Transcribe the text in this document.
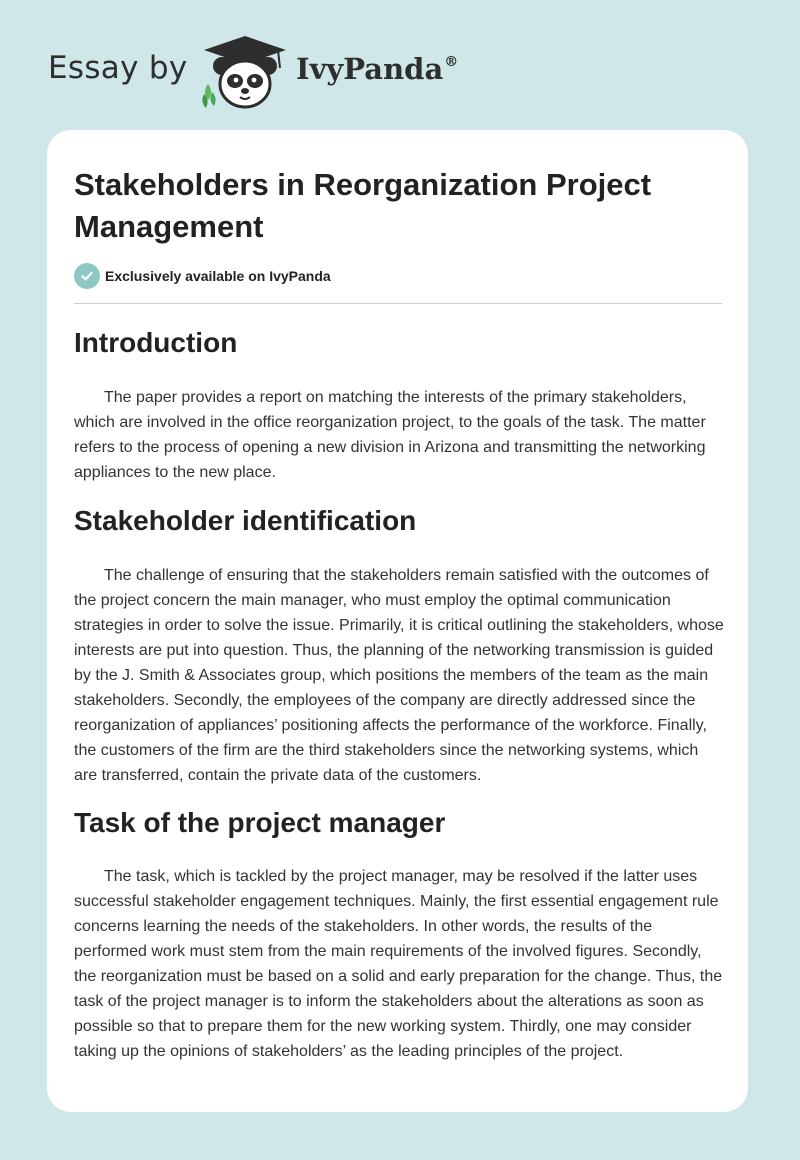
Essay by	IvyPanda®
Stakeholders in Reorganization Project Management
Exclusively available on IvyPanda
Introduction

The paper provides a report on matching the interests of the primary stakeholders, which are involved in the office reorganization project, to the goals of the task. The matter refers to the process of opening a new division in Arizona and transmitting the networking appliances to the new place.

Stakeholder identification

The challenge of ensuring that the stakeholders remain satisfied with the outcomes of the project concern the main manager, who must employ the optimal communication strategies in order to solve the issue. Primarily, it is critical outlining the stakeholders, whose interests are put into question. Thus, the planning of the networking transmission is guided by the J. Smith & Associates group, which positions the members of the team as the main stakeholders. Secondly, the employees of the company are directly addressed since the reorganization of appliances’ positioning affects the performance of the workforce. Finally, the customers of the firm are the third stakeholders since the networking systems, which are transferred, contain the private data of the customers.

Task of the project manager

The task, which is tackled by the project manager, may be resolved if the latter uses successful stakeholder engagement techniques. Mainly, the first essential engagement rule concerns learning the needs of the stakeholders. In other words, the results of the performed work must stem from the main requirements of the involved figures. Secondly, the reorganization must be based on a solid and early preparation for the change. Thus, the task of the project manager is to inform the stakeholders about the alterations as soon as possible so that to prepare them for the new working system. Thirdly, one may consider taking up the opinions of stakeholders’ as the leading principles of the project.
